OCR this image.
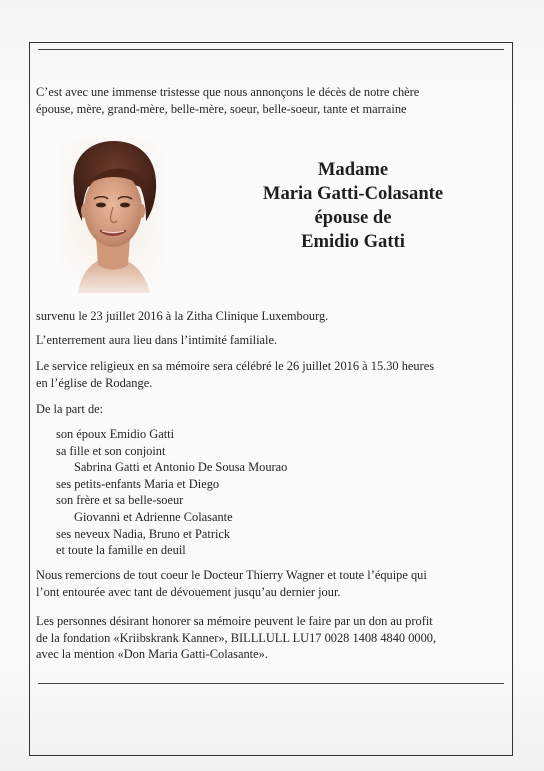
C’est avec une immense tristesse que nous annonçons le décès de notre chère
épouse, mère, grand-mère, belle-mère, soeur, belle-soeur, tante et marraine
Madame
Maria Gatti-Colasante
épouse de
Emidio Gatti
survenu le 23 juillet 2016 à la Zitha Clinique Luxembourg.
L’enterrement aura lieu dans l’intimité familiale.
Le service religieux en sa mémoire sera célébré le 26 juillet 2016 à 15.30 heures
en l’église de Rodange.
De la part de:
son époux Emidio Gatti
sa fille et son conjoint
Sabrina Gatti et Antonio De Sousa Mourao
ses petits-enfants Maria et Diego
son frère et sa belle-soeur
Giovanni et Adrienne Colasante
ses neveux Nadia, Bruno et Patrick
et toute la famille en deuil
Nous remercions de tout coeur le Docteur Thierry Wagner et toute l’équipe qui
l’ont entourée avec tant de dévouement jusqu’au dernier jour.
Les personnes désirant honorer sa mémoire peuvent le faire par un don au profit
de la fondation «Kriibskrank Kanner», BILLLULL LU17 0028 1408 4840 0000,
avec la mention «Don Maria Gatti-Colasante».
